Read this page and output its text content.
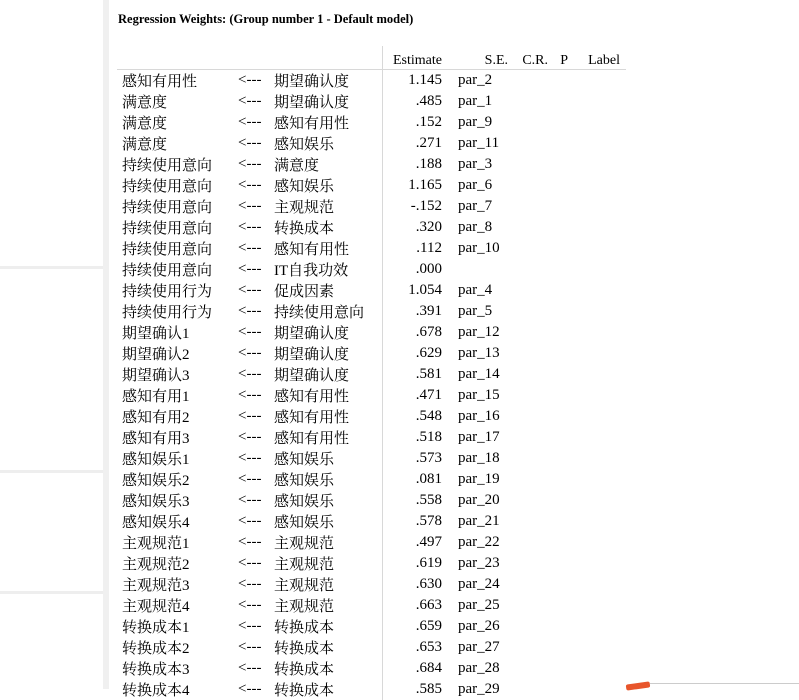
Regression Weights: (Group number 1 - Default model)
			Estimate	S.E.	C.R.	P	Label
感知有用性	<---	期望确认度	1.145	par_2			
满意度	<---	期望确认度	.485	par_1			
满意度	<---	感知有用性	.152	par_9			
满意度	<---	感知娱乐	.271	par_11			
持续使用意向	<---	满意度	.188	par_3			
持续使用意向	<---	感知娱乐	1.165	par_6			
持续使用意向	<---	主观规范	-.152	par_7			
持续使用意向	<---	转换成本	.320	par_8			
持续使用意向	<---	感知有用性	.112	par_10			
持续使用意向	<---	IT自我功效	.000				
持续使用行为	<---	促成因素	1.054	par_4			
持续使用行为	<---	持续使用意向	.391	par_5			
期望确认1	<---	期望确认度	.678	par_12			
期望确认2	<---	期望确认度	.629	par_13			
期望确认3	<---	期望确认度	.581	par_14			
感知有用1	<---	感知有用性	.471	par_15			
感知有用2	<---	感知有用性	.548	par_16			
感知有用3	<---	感知有用性	.518	par_17			
感知娱乐1	<---	感知娱乐	.573	par_18			
感知娱乐2	<---	感知娱乐	.081	par_19			
感知娱乐3	<---	感知娱乐	.558	par_20			
感知娱乐4	<---	感知娱乐	.578	par_21			
主观规范1	<---	主观规范	.497	par_22			
主观规范2	<---	主观规范	.619	par_23			
主观规范3	<---	主观规范	.630	par_24			
主观规范4	<---	主观规范	.663	par_25			
转换成本1	<---	转换成本	.659	par_26			
转换成本2	<---	转换成本	.653	par_27			
转换成本3	<---	转换成本	.684	par_28			
转换成本4	<---	转换成本	.585	par_29			
